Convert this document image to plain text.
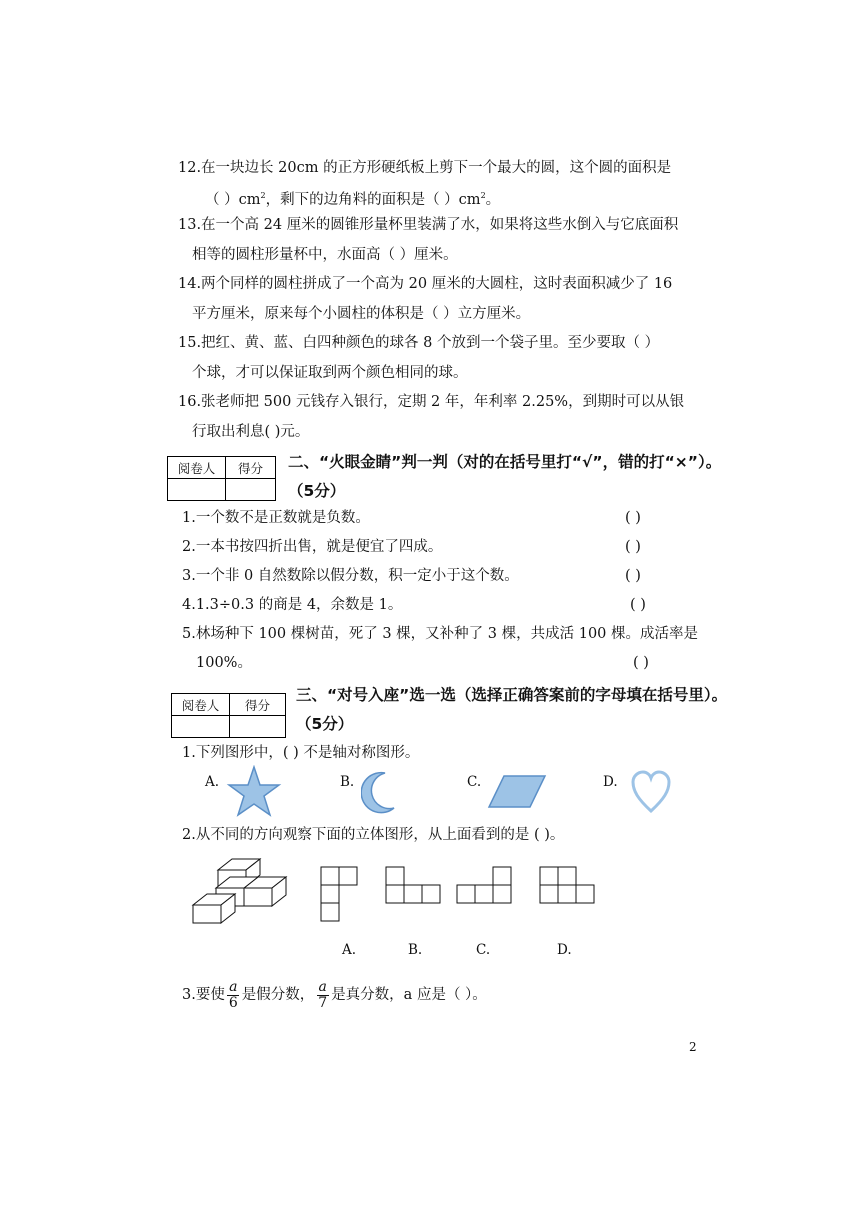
12.在一块边长 20cm 的正方形硬纸板上剪下一个最大的圆，这个圆的面积是
（ ）$cm^2$，剩下的边角料的面积是（ ）$cm^2$。
13.在一个高 24 厘米的圆锥形量杯里装满了水，如果将这些水倒入与它底面积
相等的圆柱形量杯中，水面高（ ）厘米。
14.两个同样的圆柱拼成了一个高为 20 厘米的大圆柱，这时表面积减少了 16
平方厘米，原来每个小圆柱的体积是（ ）立方厘米。
15.把红、黄、蓝、白四种颜色的球各 8 个放到一个袋子里。至少要取（ ）
个球，才可以保证取到两个颜色相同的球。
16.张老师把 500 元钱存入银行，定期 2 年，年利率 2.25%，到期时可以从银
行取出利息( )元。
阅卷人	得分
	二、“火眼金睛”判一判（对的在括号里打“√”，错的打“×”）。
（5分）
1.一个数不是正数就是负数。	( )
2.一本书按四折出售，就是便宜了四成。	( )
3.一个非 0 自然数除以假分数，积一定小于这个数。	( )
4.1.3÷0.3 的商是 4，余数是 1。	( )
5.林场种下 100 棵树苗，死了 3 棵，又补种了 3 棵，共成活 100 棵。成活率是
100%。	( )
阅卷人	得分

三、“对号入座”选一选（选择正确答案前的字母填在括号里）。
（5分）
1.下列图形中，( ) 不是轴对称图形。
A.	B.	C.	D.
2.从不同的方向观察下面的立体图形，从上面看到的是 ( )。
A.	B.	C.	D.
3.要使 $\frac{a}{6}$ 是假分数， $\frac{a}{7}$ 是真分数，a 应是（ ）。
2
